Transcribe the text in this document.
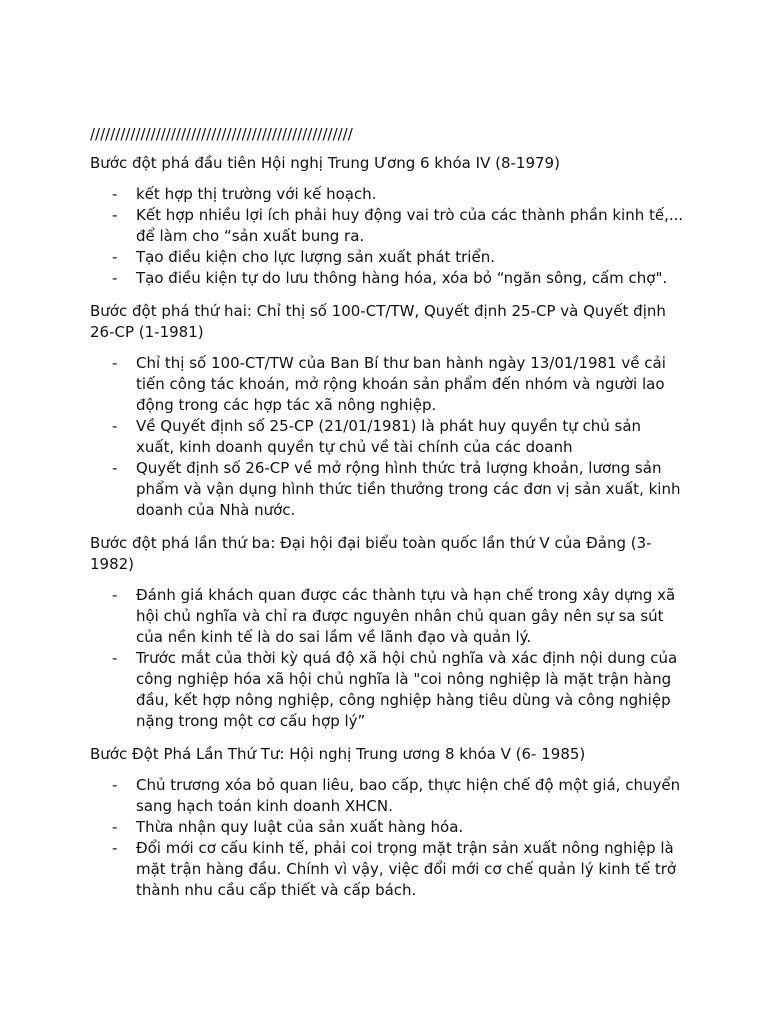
////////////////////////////////////////////////////
Bước đột phá đầu tiên Hội nghị Trung Ương 6 khóa IV (8-1979)
- kết hợp thị trường với kế hoạch.
- Kết hợp nhiều lợi ích phải huy động vai trò của các thành phần kinh tế,... để làm cho “sản xuất bung ra.
- Tạo điều kiện cho lực lượng sản xuất phát triển.
- Tạo điều kiện tự do lưu thông hàng hóa, xóa bỏ “ngăn sông, cấm chợ".
Bước đột phá thứ hai: Chỉ thị số 100-CT/TW, Quyết định 25-CP và Quyết định 26-CP (1-1981)
- Chỉ thị số 100-CT/TW của Ban Bí thư ban hành ngày 13/01/1981 về cải tiến công tác khoán, mở rộng khoán sản phẩm đến nhóm và người lao động trong các hợp tác xã nông nghiệp.
- Về Quyết định số 25-CP (21/01/1981) là phát huy quyền tự chủ sản xuất, kinh doanh quyền tự chủ về tài chính của các doanh
- Quyết định số 26-CP về mở rộng hình thức trả lượng khoản, lương sản phẩm và vận dụng hình thức tiền thưởng trong các đơn vị sản xuất, kinh doanh của Nhà nước.
Bước đột phá lần thứ ba: Đại hội đại biểu toàn quốc lần thứ V của Đảng (3-1982)
- Đánh giá khách quan được các thành tựu và hạn chế trong xây dựng xã hội chủ nghĩa và chỉ ra được nguyên nhân chủ quan gây nên sự sa sút của nền kinh tế là do sai lầm về lãnh đạo và quản lý.
- Trước mắt của thời kỳ quá độ xã hội chủ nghĩa và xác định nội dung của công nghiệp hóa xã hội chủ nghĩa là "coi nông nghiệp là mặt trận hàng đầu, kết hợp nông nghiệp, công nghiệp hàng tiêu dùng và công nghiệp nặng trong một cơ cấu hợp lý”
Bước Đột Phá Lần Thứ Tư: Hội nghị Trung ương 8 khóa V (6- 1985)
- Chủ trương xóa bỏ quan liêu, bao cấp, thực hiện chế độ một giá, chuyển sang hạch toán kinh doanh XHCN.
- Thừa nhận quy luật của sản xuất hàng hóa.
- Đổi mới cơ cấu kinh tế, phải coi trọng mặt trận sản xuất nông nghiệp là mặt trận hàng đầu. Chính vì vậy, việc đổi mới cơ chế quản lý kinh tế trở thành nhu cầu cấp thiết và cấp bách.
